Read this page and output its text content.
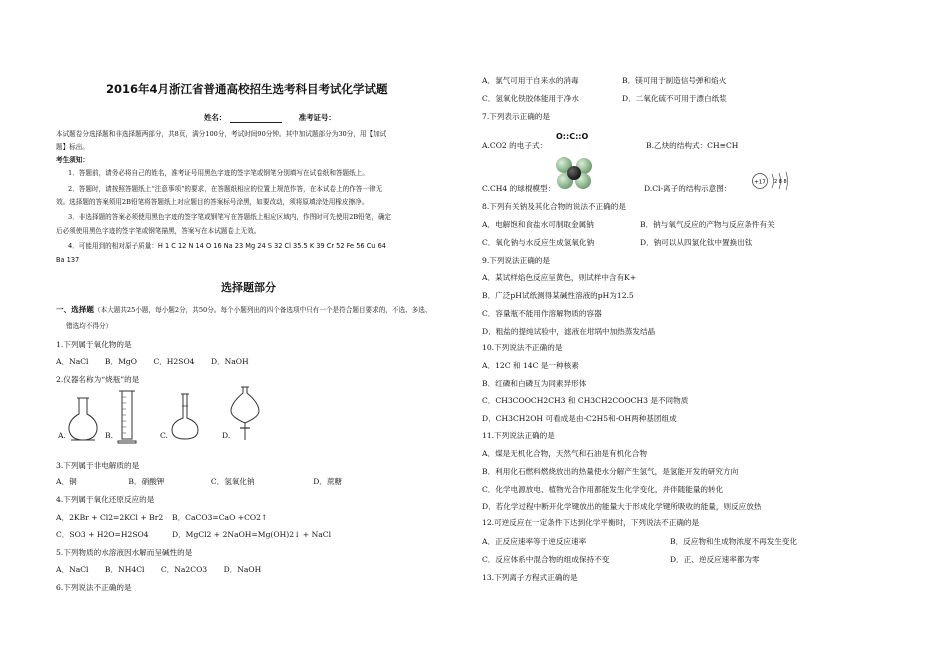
2016年4月浙江省普通高校招生选考科目考试化学试题
姓名：	准考证号：
本试题卷分选择题和非选择题两部分，共8页，满分100分，考试时间90分钟。其中加试题部分为30分，用【加试
题】标出。
考生须知：
1．答题前，请务必将自己的姓名，准考证号用黑色字迹的签字笔或钢笔分别填写在试卷纸和答题纸上。
2．答题时，请按照答题纸上“注意事项”的要求，在答题纸相应的位置上规范作答，在本试卷上的作答一律无
效。选择题的答案须用2B铅笔将答题纸上对应题目的答案标号涂黑，如要改动，须将原填涂处用橡皮擦净。
3．非选择题的答案必须使用黑色字迹的签字笔或钢笔写在答题纸上相应区域内，作图时可先使用2B铅笔，确定
后必须使用黑色字迹的签字笔或钢笔描黑，答案写在本试题卷上无效。
4．可能用到的相对原子质量：H 1 C 12 N 14 O 16 Na 23 Mg 24 S 32 Cl 35.5 K 39 Cr 52 Fe 56 Cu 64
Ba 137
选择题部分
一、选择题（本大题共25小题，每小题2分，共50分。每个小题列出的四个备选项中只有一个是符合题目要求的，不选、多选、
错选均不得分）
1.下列属于氧化物的是
A．NaCl B．MgO C．H2SO4 D．NaOH
2.仪器名称为“烧瓶”的是
A.	B.	C.	D.
3.下列属于非电解质的是
A．铜	B．硝酸钾	C．氢氧化钠	D．蔗糖
4.下列属于氧化还原反应的是
A．2KBr + Cl2=2KCl + Br2 B．CaCO3=CaO +CO2↑
C．SO3 + H2O=H2SO4	D．MgCl2 + 2NaOH=Mg(OH)2↓ + NaCl
5.下列物质的水溶液因水解而呈碱性的是
A．NaCl B．NH4Cl C．Na2CO3 D．NaOH
6.下列说法不正确的是
A．氯气可用于自来水的消毒	B．镁可用于制造信号弹和焰火
C．氢氧化铁胶体能用于净水	D．二氧化硫不可用于漂白纸浆
7.下列表示正确的是
O::C::O
A.CO2 的电子式：	B.乙炔的结构式：CH≡CH
C.CH4 的球棍模型：	D.Cl-离子的结构示意图：
+17 2 8 8
8.下列有关钠及其化合物的说法不正确的是
A．电解饱和食盐水可制取金属钠	B．钠与氧气反应的产物与反应条件有关
C．氧化钠与水反应生成氢氧化钠	D．钠可以从四氯化钛中置换出钛
9.下列说法正确的是
A．某试样焰色反应呈黄色，则试样中含有K+
B．广泛pH试纸测得某碱性溶液的pH为12.5
C．容量瓶不能用作溶解物质的容器
D．粗盐的提纯试验中，滤液在坩埚中加热蒸发结晶
10.下列说法不正确的是
A．12C 和 14C 是一种核素
B．红磷和白磷互为同素异形体
C．CH3COOCH2CH3 和 CH3CH2COOCH3 是不同物质
D．CH3CH2OH 可看成是由-C2H5和-OH两种基团组成
11.下列说法正确的是
A．煤是无机化合物，天然气和石油是有机化合物
B．利用化石燃料燃烧放出的热量使水分解产生氢气，是氢能开发的研究方向
C．化学电源放电、植物光合作用都能发生化学变化，并伴随能量的转化
D．若化学过程中断开化学键放出的能量大于形成化学键所吸收的能量，则反应放热
12.可逆反应在一定条件下达到化学平衡时，下列说法不正确的是
A．正反应速率等于逆反应速率	B．反应物和生成物浓度不再发生变化
C．反应体系中混合物的组成保持不变	D．正、逆反应速率都为零
13.下列离子方程式正确的是
